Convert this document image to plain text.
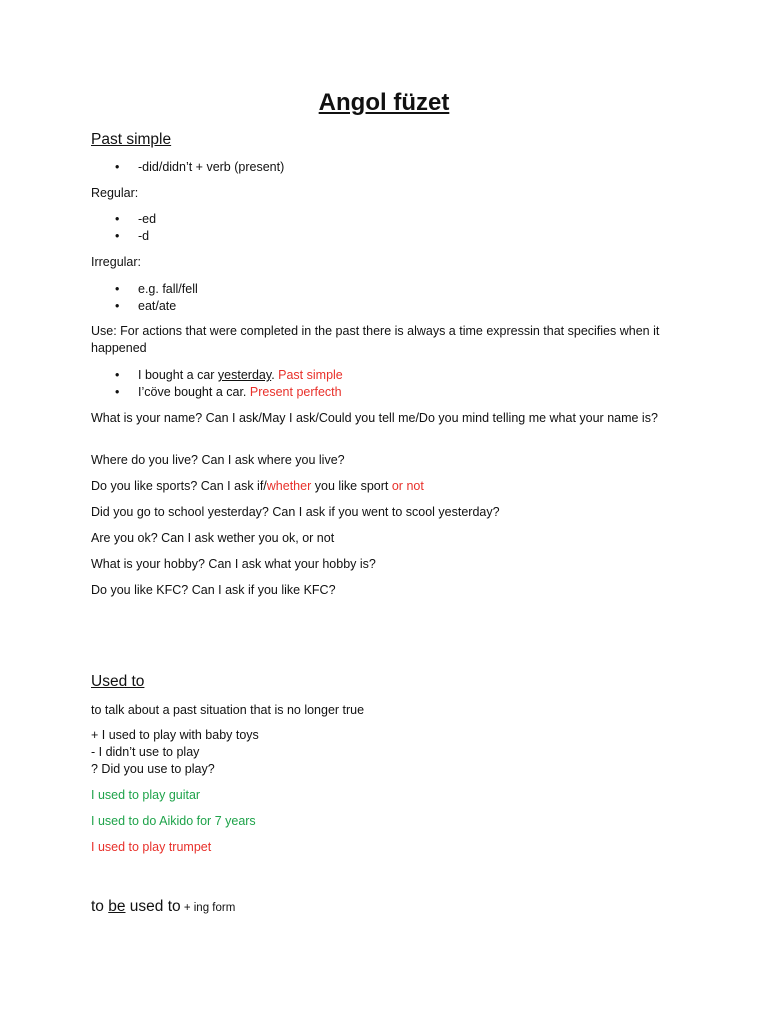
Angol füzet
Past simple
• -did/didn’t + verb (present)
Regular:
• -ed
• -d
Irregular:
• e.g. fall/fell
• eat/ate
Use: For actions that were completed in the past there is always a time expressin that specifies when it happened
• I bought a car yesterday. Past simple
• I’cöve bought a car. Present perfecth
What is your name? Can I ask/May I ask/Could you tell me/Do you mind telling me what your name is?
Where do you live? Can I ask where you live?
Do you like sports? Can I ask if/whether you like sport or not
Did you go to school yesterday? Can I ask if you went to scool yesterday?
Are you ok? Can I ask wether you ok, or not
What is your hobby? Can I ask what your hobby is?
Do you like KFC? Can I ask if you like KFC?
Used to
to talk about a past situation that is no longer true
+ I used to play with baby toys
- I didn’t use to play
? Did you use to play?
I used to play guitar
I used to do Aikido for 7 years
I used to play trumpet
to be used to + ing form
